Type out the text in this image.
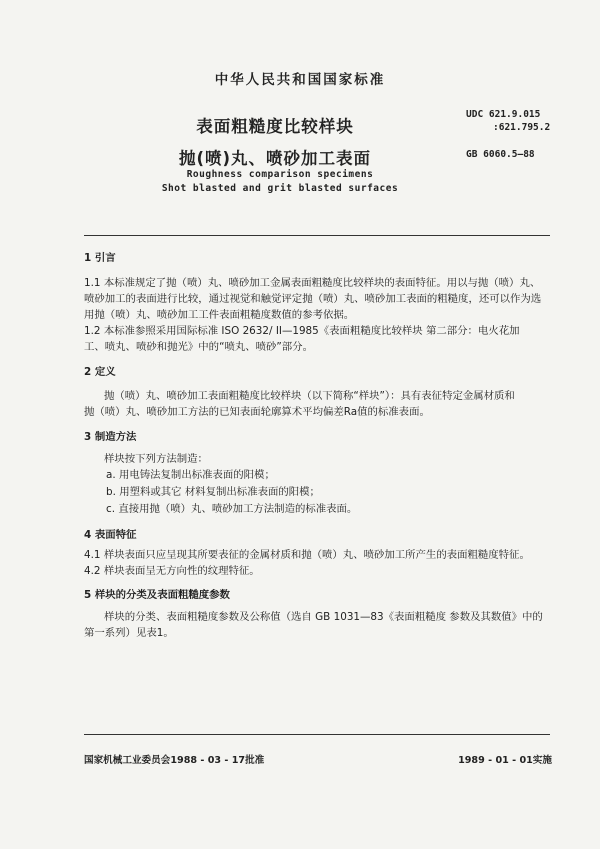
中华人民共和国国家标准
表面粗糙度比较样块
抛(喷)丸、喷砂加工表面
UDC 621.9.015
:621.795.2
GB 6060.5—88
Roughness comparison specimens
Shot blasted and grit blasted surfaces
1 引言
1.1 本标准规定了抛（喷）丸、喷砂加工金属表面粗糙度比较样块的表面特征。用以与抛（喷）丸、
喷砂加工的表面进行比较，通过视觉和触觉评定抛（喷）丸、喷砂加工表面的粗糙度，还可以作为选
用抛（喷）丸、喷砂加工工件表面粗糙度数值的参考依据。
1.2 本标准参照采用国际标准 ISO 2632/ II—1985《表面粗糙度比较样块 第二部分：电火花加
工、喷丸、喷砂和抛光》中的“喷丸、喷砂”部分。
2 定义
抛（喷）丸、喷砂加工表面粗糙度比较样块（以下简称“样块”）：具有表征特定金属材质和
抛（喷）丸、喷砂加工方法的已知表面轮廓算术平均偏差Ra值的标准表面。
3 制造方法
样块按下列方法制造：
a. 用电铸法复制出标准表面的阳模；
b. 用塑料或其它 材料复制出标准表面的阳模；
c. 直接用抛（喷）丸、喷砂加工方法制造的标准表面。
4 表面特征
4.1 样块表面只应呈现其所要表征的金属材质和抛（喷）丸、喷砂加工所产生的表面粗糙度特征。
4.2 样块表面呈无方向性的纹理特征。
5 样块的分类及表面粗糙度参数
样块的分类、表面粗糙度参数及公称值（选自 GB 1031—83《表面粗糙度 参数及其数值》中的
第一系列）见表1。
国家机械工业委员会1988 - 03 - 17批准	1989 - 01 - 01实施
